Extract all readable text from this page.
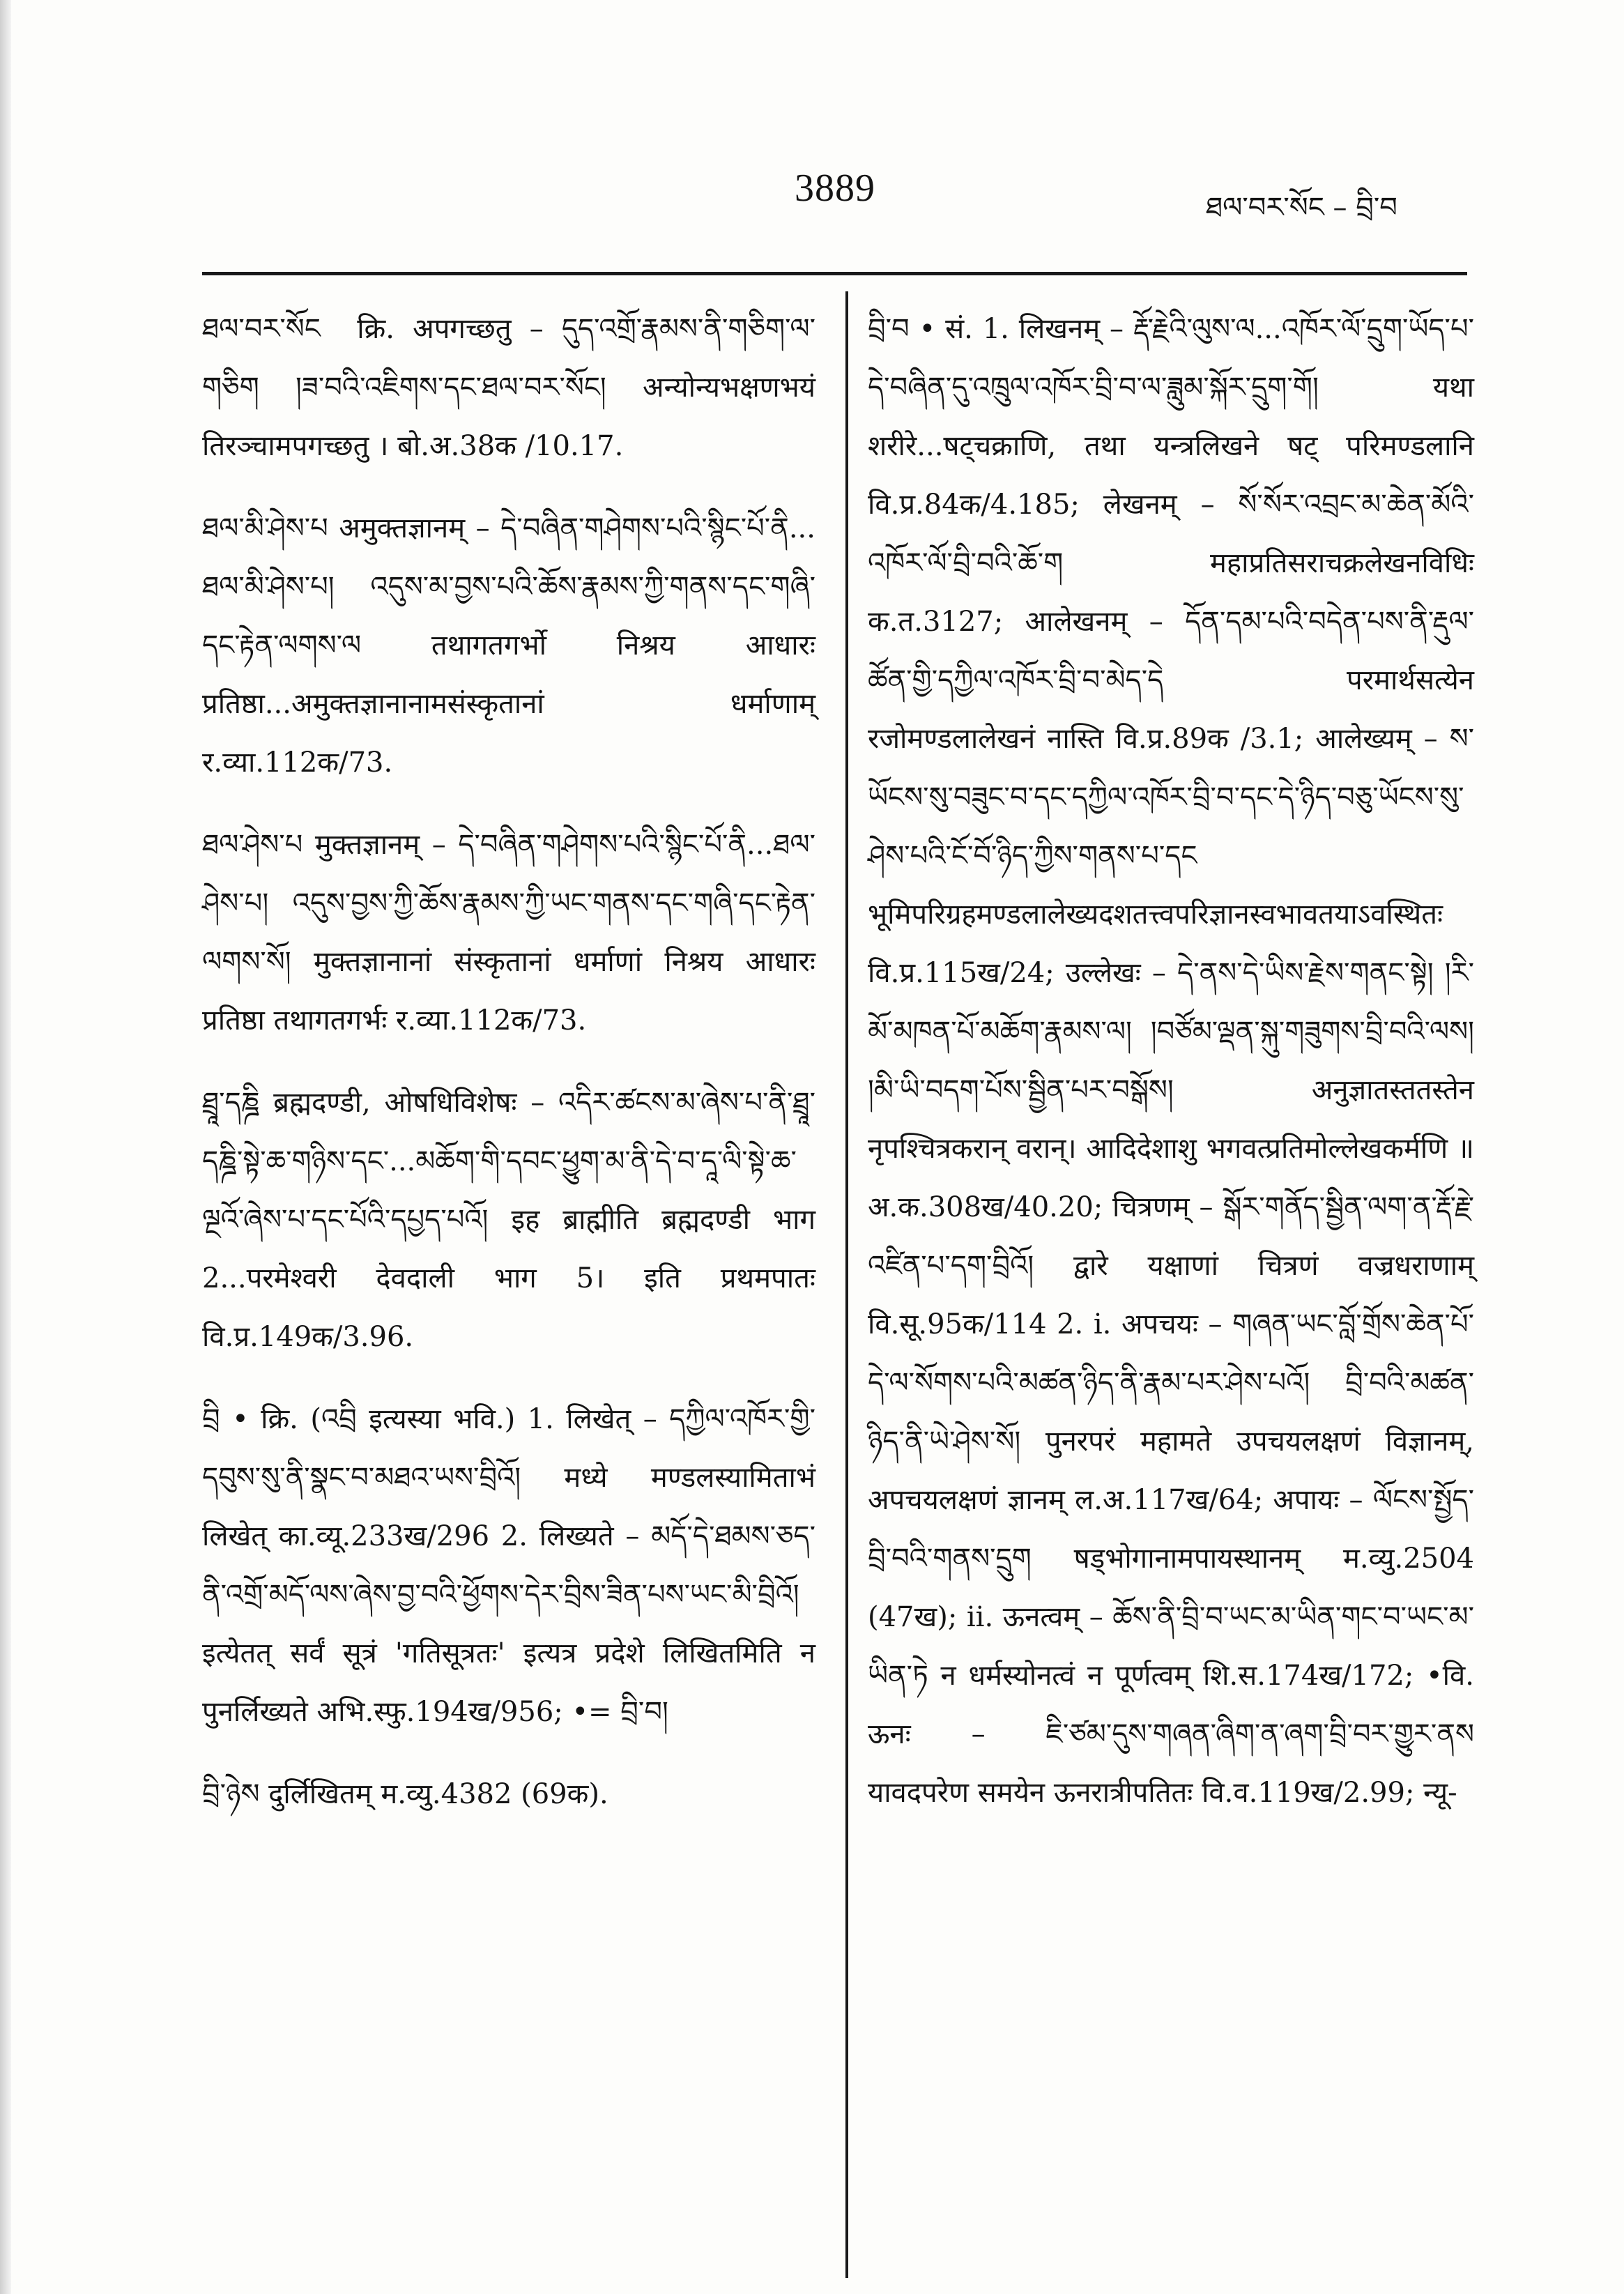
3889	ཐལ་བར་སོང – བྲི་བ

ཐལ་བར་སོང ‍ क्रि. अपगच्छतु – དུད་འགྲོ་རྣམས་ནི་གཅིག་ལ་གཅིག །ཟ་བའི་འཇིགས་དང་ཐལ་བར་སོང། अन्योन्यभक्षणभयं तिरञ्चामपगच्छतु । बो.अ.38क /10.17.

ཐལ་མི་ཤེས་པ अमुक्तज्ञानम् – དེ་བཞིན་གཤེགས་པའི་སྙིང་པོ་ནི... ཐལ་མི་ཤེས་པ། འདུས་མ་བྱས་པའི་ཆོས་རྣམས་ཀྱི་གནས་དང་གཞི་དང་རྟེན་ལགས་ལ तथागतगर्भो निश्रय आधारः प्रतिष्ठा...अमुक्तज्ञानानामसंस्कृतानां धर्माणाम् र.व्या.112क/73.

ཐལ་ཤེས་པ मुक्तज्ञानम् – དེ་བཞིན་གཤེགས་པའི་སྙིང་པོ་ནི...ཐལ་ཤེས་པ། འདུས་བྱས་ཀྱི་ཆོས་རྣམས་ཀྱི་ཡང་གནས་དང་གཞི་དང་རྟེན་ལགས་སོ། मुक्तज्ञानानां संस्कृतानां धर्माणां निश्रय आधारः प्रतिष्ठा तथागतगर्भः र.व्या.112क/73.

ཐྲཱ་དཎྜི ब्रह्मदण्डी, ओषधिविशेषः – འདིར་ཚངས་མ་ཞེས་པ་ནི་ཐྲཱ་དཎྜི་སྟེ་ཆ་གཉིས་དང་...མཆོག་གི་དབང་ཕྱུག་མ་ནི་དེ་བ་དཱ་ལི་སྟེ་ཆ་ལྔའོ་ཞེས་པ་དང་པོའི་དཔྱད་པའོ། इह ब्राह्मीति ब्रह्मदण्डी भाग 2...परमेश्वरी देवदाली भाग 5। इति प्रथमपातः वि.प्र.149क/3.96.

བྲི • क्रि. (འབྲི इत्यस्या भवि.) 1. लिखेत् – དཀྱིལ་འཁོར་གྱི་དབུས་སུ་ནི་སྣང་བ་མཐའ་ཡས་བྲིའོ། मध्ये मण्डलस्यामिताभं लिखेत् का.व्यू.233ख/296 2. लिख्यते – མདོ་དེ་ཐམས་ཅད་ནི་འགྲོ་མདོ་ལས་ཞེས་བྱ་བའི་ཕྱོགས་དེར་བྲིས་ཟིན་པས་ཡང་མི་བྲིའོ། इत्येतत् सर्वं सूत्रं 'गतिसूत्रतः' इत्यत्र प्रदेशे लिखितमिति न पुनर्लिख्यते अभि.स्फु.194ख/956; •= བྲི་བ།

བྲི་ཉེས दुर्लिखितम् म.व्यु.4382 (69क).

བྲི་བ • सं. 1. लिखनम् – རྡོ་རྗེའི་ལུས་ལ...འཁོར་ལོ་དྲུག་ཡོད་པ་དེ་བཞིན་དུ་འཁྲུལ་འཁོར་བྲི་བ་ལ་ཟླུམ་སྐོར་དྲུག་གོ། यथा शरीरे...षट्चक्राणि, तथा यन्त्रलिखने षट् परिमण्डलानि वि.प्र.84क/4.185; लेखनम् – སོ་སོར་འབྲང་མ་ཆེན་མོའི་འཁོར་ལོ་བྲི་བའི་ཆོ་ག महाप्रतिसराचक्रलेखनविधिः क.त.3127; आलेखनम् – དོན་དམ་པའི་བདེན་པས་ནི་རྡུལ་ཚོན་གྱི་དཀྱིལ་འཁོར་བྲི་བ་མེད་དེ परमार्थसत्येन रजोमण्डलालेखनं नास्ति वि.प्र.89क /3.1; आलेख्यम् – ས་ཡོངས་སུ་བཟུང་བ་དང་དཀྱིལ་འཁོར་བྲི་བ་དང་དེ་ཉིད་བཅུ་ཡོངས་སུ་ཤེས་པའི་ངོ་བོ་ཉིད་ཀྱིས་གནས་པ་དང भूमिपरिग्रहमण्डलालेख्यदशतत्त्वपरिज्ञानस्वभावतयाऽवस्थितः वि.प्र.115ख/24; उल्लेखः – དེ་ནས་དེ་ཡིས་རྗེས་གནང་སྟེ། །རི་མོ་མཁན་པོ་མཆོག་རྣམས་ལ། །བཙོམ་ལྡན་སྐུ་གཟུགས་བྲི་བའི་ལས། །མི་ཡི་བདག་པོས་སྦྱིན་པར་བསྒོས། अनुज्ञातस्ततस्तेन नृपश्चित्रकरान् वरान्। आदिदेशाशु भगवत्प्रतिमोल्लेखकर्मणि ॥ अ.क.308ख/40.20; चित्रणम् – སྒོར་གནོད་སྦྱིན་ལག་ན་རྡོ་རྗེ་འཛིན་པ་དག་བྲིའོ། द्वारे यक्षाणां चित्रणं वज्रधराणाम् वि.सू.95क/114 2. i. अपचयः – གཞན་ཡང་བློ་གྲོས་ཆེན་པོ་དེ་ལ་སོགས་པའི་མཚན་ཉིད་ནི་རྣམ་པར་ཤེས་པའོ། བྲི་བའི་མཚན་ཉིད་ནི་ཡེ་ཤེས་སོ། पुनरपरं महामते उपचयलक्षणं विज्ञानम्, अपचयलक्षणं ज्ञानम् ल.अ.117ख/64; अपायः – ལོངས་སྤྱོད་བྲི་བའི་གནས་དྲུག षड्भोगानामपायस्थानम् म.व्यु.2504 (47ख); ii. ऊनत्वम् – ཆོས་ནི་བྲི་བ་ཡང་མ་ཡིན་གང་བ་ཡང་མ་ཡིན་ཏེ न धर्मस्योनत्वं न पूर्णत्वम् शि.स.174ख/172; •वि. ऊनः – ཇི་ཙམ་དུས་གཞན་ཞིག་ན་ཞག་བྲི་བར་གྱུར་ནས यावदपरेण समयेन ऊनरात्रीपतितः वि.व.119ख/2.99; न्यू-
